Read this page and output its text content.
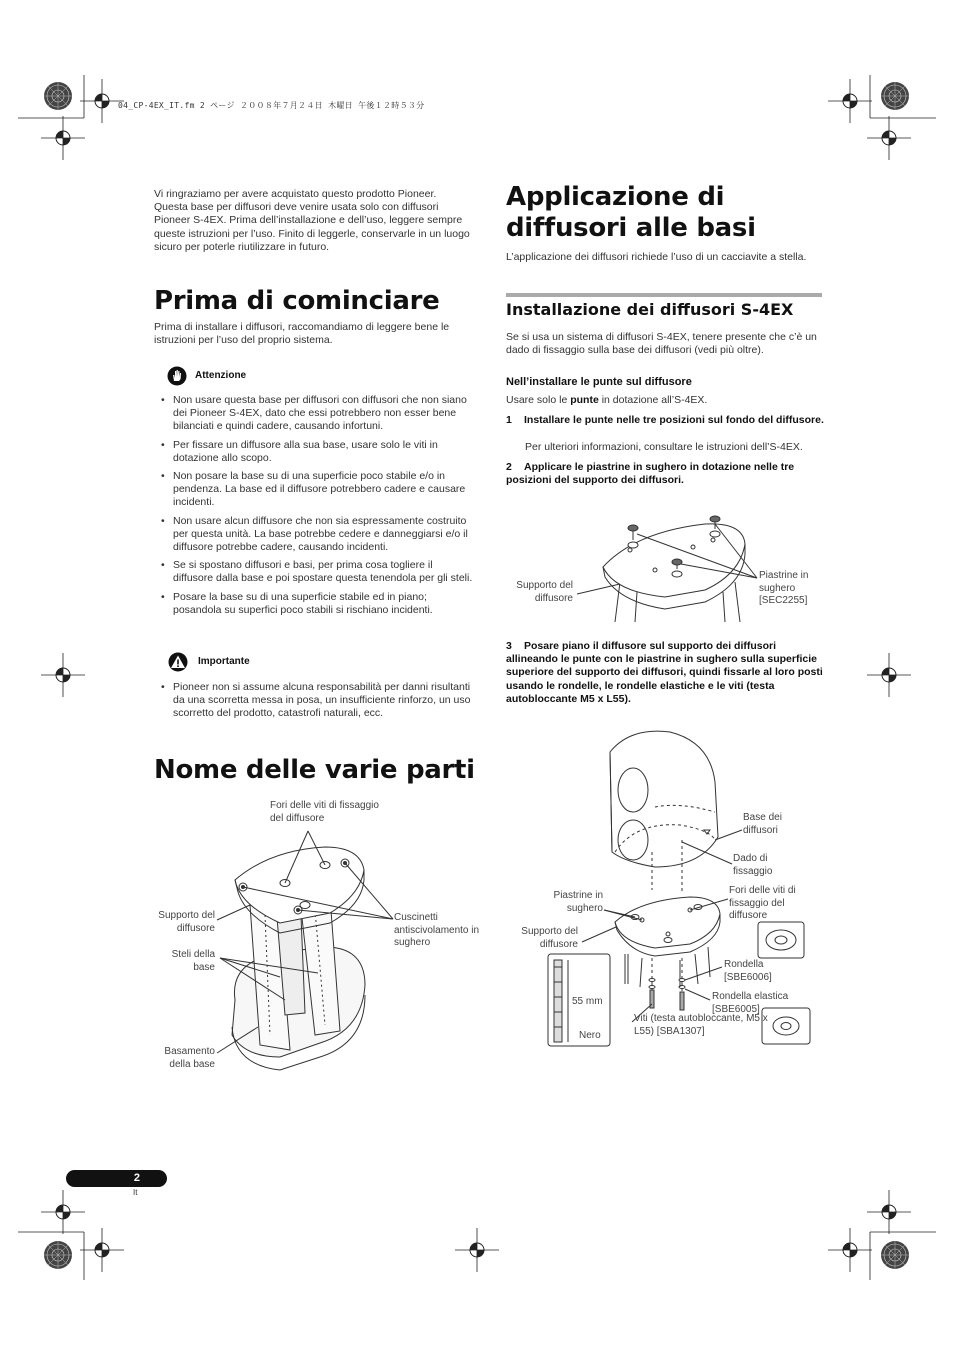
04_CP-4EX_IT.fm 2 ページ ２００８年７月２４日 木曜日 午後１２時５３分
Vi ringraziamo per avere acquistato questo prodotto Pioneer. Questa base per diffusori deve venire usata solo con diffusori Pioneer S-4EX. Prima dell’installazione e dell’uso, leggere sempre queste istruzioni per l’uso. Finito di leggerle, conservarle in un luogo sicuro per poterle riutilizzare in futuro.
Prima di cominciare
Prima di installare i diffusori, raccomandiamo di leggere bene le istruzioni per l’uso del proprio sistema.
Attenzione
• Non usare questa base per diffusori con diffusori che non siano dei Pioneer S-4EX, dato che essi potrebbero non esser bene bilanciati e quindi cadere, causando infortuni.
• Per fissare un diffusore alla sua base, usare solo le viti in dotazione allo scopo.
• Non posare la base su di una superficie poco stabile e/o in pendenza. La base ed il diffusore potrebbero cadere e causare incidenti.
• Non usare alcun diffusore che non sia espressamente costruito per questa unità. La base potrebbe cedere e danneggiarsi e/o il diffusore potrebbe cadere, causando incidenti.
• Se si spostano diffusori e basi, per prima cosa togliere il diffusore dalla base e poi spostare questa tenendola per gli steli.
• Posare la base su di una superficie stabile ed in piano; posandola su superfici poco stabili si rischiano incidenti.
Importante
• Pioneer non si assume alcuna responsabilità per danni risultanti da una scorretta messa in posa, un insufficiente rinforzo, un uso scorretto del prodotto, catastrofi naturali, ecc.
Nome delle varie parti
Fori delle viti di fissaggio del diffusore
Supporto del diffusore
Cuscinetti antiscivolamento in sughero
Steli della base
Basamento della base
Applicazione di diffusori alle basi
L’applicazione dei diffusori richiede l’uso di un cacciavite a stella.
Installazione dei diffusori S-4EX
Se si usa un sistema di diffusori S-4EX, tenere presente che c’è un dado di fissaggio sulla base dei diffusori (vedi più oltre).
Nell’installare le punte sul diffusore
Usare solo le punte in dotazione all’S-4EX.
1 Installare le punte nelle tre posizioni sul fondo del diffusore.
Per ulteriori informazioni, consultare le istruzioni dell’S-4EX.
2 Applicare le piastrine in sughero in dotazione nelle tre posizioni del supporto dei diffusori.
Supporto del diffusore
Piastrine in sughero [SEC2255]
3 Posare piano il diffusore sul supporto dei diffusori allineando le punte con le piastrine in sughero sulla superficie superiore del supporto dei diffusori, quindi fissarle al loro posti usando le rondelle, le rondelle elastiche e le viti (testa autobloccante M5 x L55).
Base dei diffusori
Dado di fissaggio
Piastrine in sughero
Fori delle viti di fissaggio del diffusore
Supporto del diffusore
Rondella [SBE6006]
Rondella elastica [SBE6005]
55 mm
Nero
Viti (testa autobloccante, M5 x L55) [SBA1307]
2
It
